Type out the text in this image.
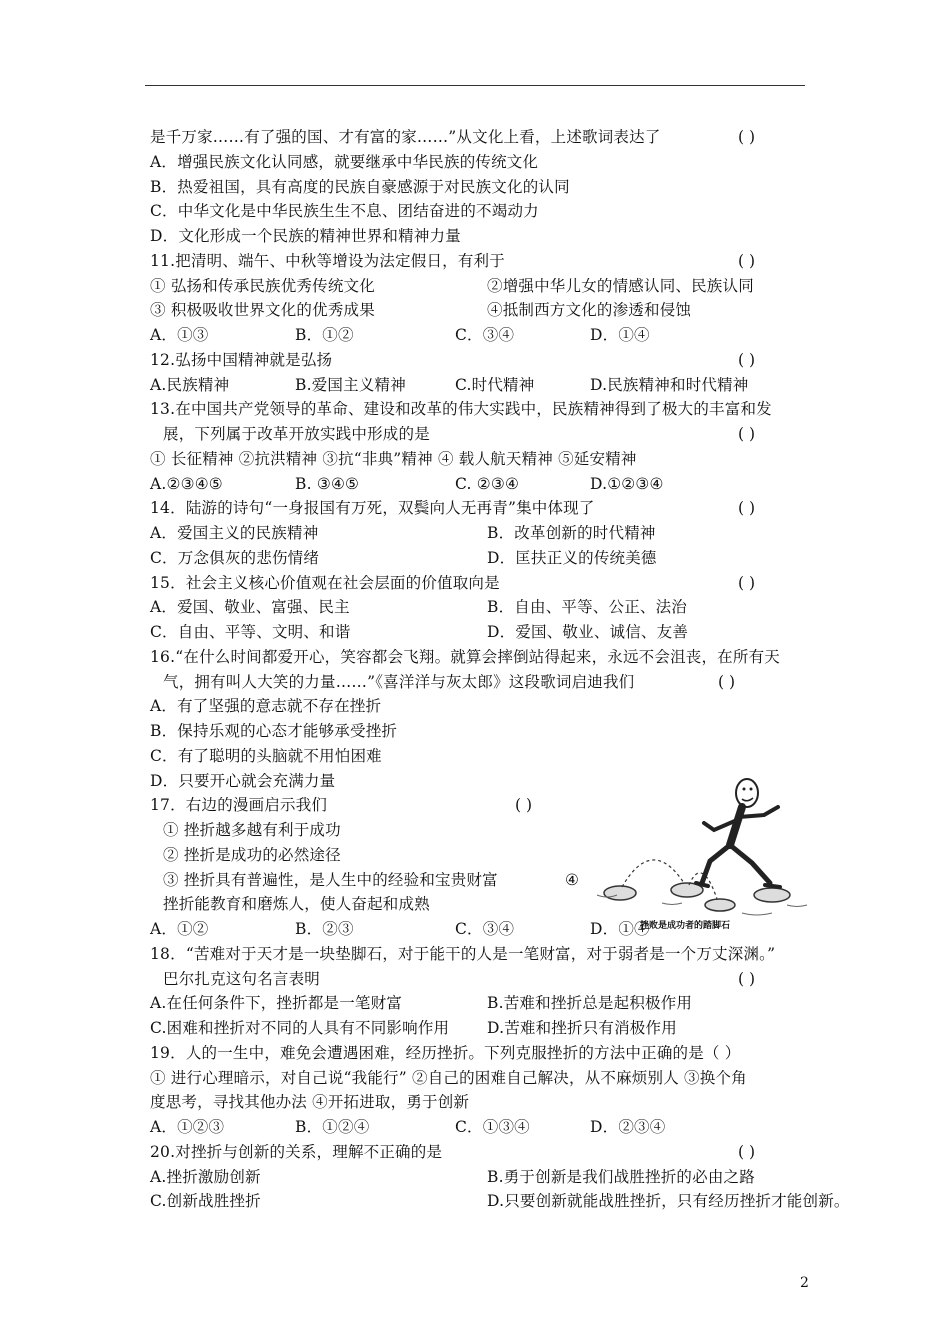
是千万家……有了强的国、才有富的家……”从文化上看，上述歌词表达了	( )
A．增强民族文化认同感，就要继承中华民族的传统文化
B．热爱祖国，具有高度的民族自豪感源于对民族文化的认同
C．中华文化是中华民族生生不息、团结奋进的不竭动力
D．文化形成一个民族的精神世界和精神力量
11.把清明、端午、中秋等增设为法定假日，有利于	( )
① 弘扬和传承民族优秀传统文化	②增强中华儿女的情感认同、民族认同
③ 积极吸收世界文化的优秀成果	④抵制西方文化的渗透和侵蚀
A．①③	B．①②	C．③④	D．①④
12.弘扬中国精神就是弘扬	( )
A.民族精神	B.爱国主义精神	C.时代精神	D.民族精神和时代精神
13.在中国共产党领导的革命、建设和改革的伟大实践中，民族精神得到了极大的丰富和发
展，下列属于改革开放实践中形成的是	( )
① 长征精神 ②抗洪精神 ③抗“非典”精神 ④ 载人航天精神 ⑤延安精神
A.②③④⑤	B. ③④⑤	C. ②③④	D.①②③④
14．陆游的诗句“一身报国有万死，双鬓向人无再青”集中体现了	( )
A．爱国主义的民族精神	B．改革创新的时代精神
C．万念俱灰的悲伤情绪	D．匡扶正义的传统美德
15．社会主义核心价值观在社会层面的价值取向是	( )
A．爱国、敬业、富强、民主	B．自由、平等、公正、法治
C．自由、平等、文明、和谐	D．爱国、敬业、诚信、友善
16.“在什么时间都爱开心，笑容都会飞翔。就算会摔倒站得起来，永远不会沮丧，在所有天
气，拥有叫人大笑的力量……”《喜洋洋与灰太郎》这段歌词启迪我们	( )
A．有了坚强的意志就不存在挫折
B．保持乐观的心态才能够承受挫折
C．有了聪明的头脑就不用怕困难
D．只要开心就会充满力量
17．右边的漫画启示我们	( )
① 挫折越多越有利于成功
② 挫折是成功的必然途径
③ 挫折具有普遍性，是人生中的经验和宝贵财富	④
挫折能教育和磨炼人，使人奋起和成熟
A．①②	B．②③	C．③④	D．①④
18．“苦难对于天才是一块垫脚石，对于能干的人是一笔财富，对于弱者是一个万丈深渊。”
巴尔扎克这句名言表明	( )
A.在任何条件下，挫折都是一笔财富	B.苦难和挫折总是起积极作用
C.困难和挫折对不同的人具有不同影响作用 D.苦难和挫折只有消极作用
19．人的一生中，难免会遭遇困难，经历挫折。下列克服挫折的方法中正确的是（ ）
① 进行心理暗示，对自己说“我能行” ②自己的困难自己解决，从不麻烦别人 ③换个角
度思考，寻找其他办法 ④开拓进取，勇于创新
A．①②③	B．①②④	C．①③④	D．②③④
20.对挫折与创新的关系，理解不正确的是	( )
A.挫折激励创新	B.勇于创新是我们战胜挫折的必由之路
C.创新战胜挫折	D.只要创新就能战胜挫折，只有经历挫折才能创新。
挫败是成功者的踏脚石
2
